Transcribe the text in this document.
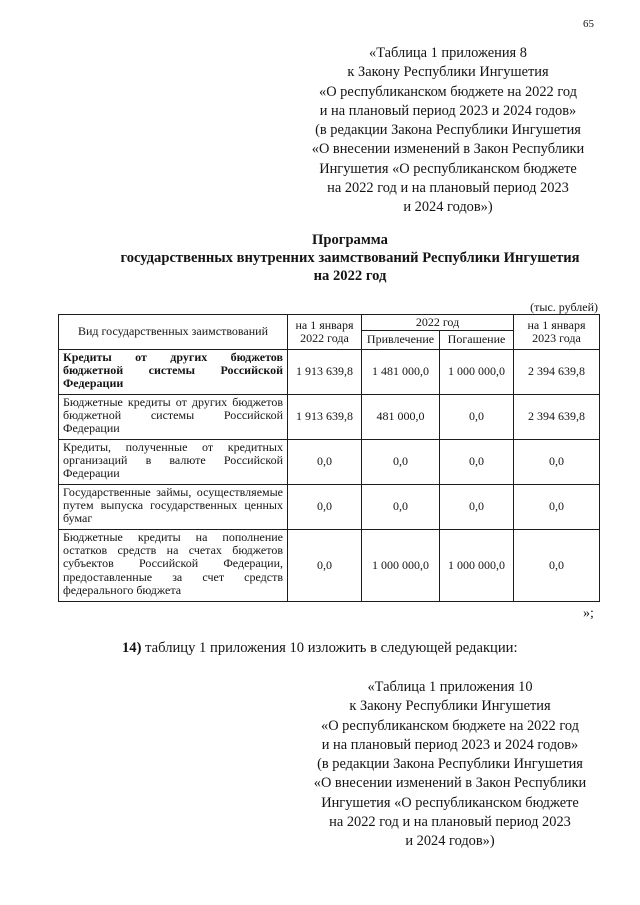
65
«Таблица 1 приложения 8
к Закону Республики Ингушетия
«О республиканском бюджете на 2022 год
и на плановый период 2023 и 2024 годов»
(в редакции Закона Республики Ингушетия
«О внесении изменений в Закон Республики
Ингушетия «О республиканском бюджете
на 2022 год и на плановый период 2023
и 2024 годов»)
Программа
государственных внутренних заимствований Республики Ингушетия
на 2022 год
(тыс. рублей)
Вид государственных заимствований	на 1 января 2022 года	2022 год		на 1 января 2023 года
		Привлечение	Погашение	
Кредиты от других бюджетов бюджетной системы Российской Федерации	1 913 639,8	1 481 000,0	1 000 000,0	2 394 639,8
Бюджетные кредиты от других бюджетов бюджетной системы Российской Федерации	1 913 639,8	481 000,0	0,0	2 394 639,8
Кредиты, полученные от кредитных организаций в валюте Российской Федерации	0,0	0,0	0,0	0,0
Государственные займы, осуществляемые путем выпуска государственных ценных бумаг	0,0	0,0	0,0	0,0
Бюджетные кредиты на пополнение остатков средств на счетах бюджетов субъектов Российской Федерации, предоставленные за счет средств федерального бюджета	0,0	1 000 000,0	1 000 000,0	0,0
»;
14) таблицу 1 приложения 10 изложить в следующей редакции:
«Таблица 1 приложения 10
к Закону Республики Ингушетия
«О республиканском бюджете на 2022 год
и на плановый период 2023 и 2024 годов»
(в редакции Закона Республики Ингушетия
«О внесении изменений в Закон Республики
Ингушетия «О республиканском бюджете
на 2022 год и на плановый период 2023
и 2024 годов»)
